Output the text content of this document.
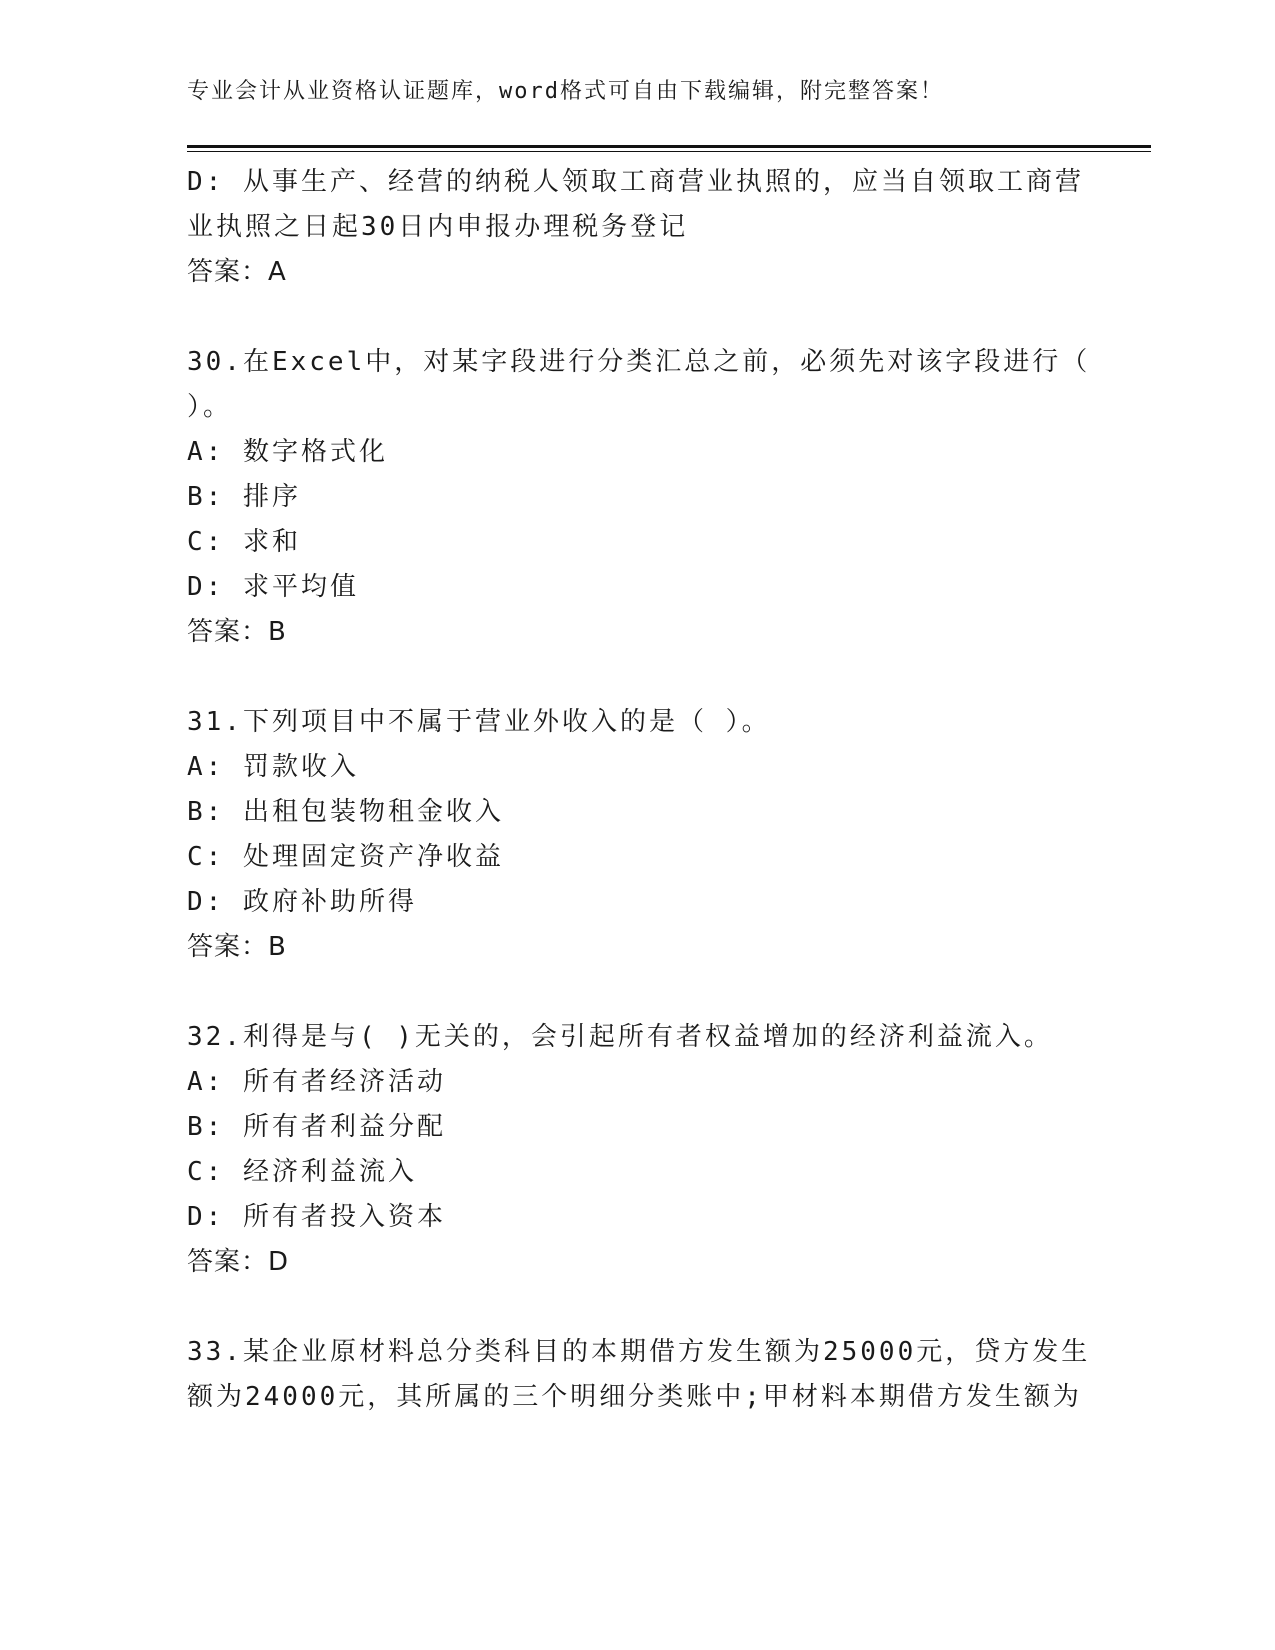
专业会计从业资格认证题库，word格式可自由下载编辑，附完整答案！
D: 从事生产、经营的纳税人领取工商营业执照的，应当自领取工商营
业执照之日起30日内申报办理税务登记
答案：A
30.在Excel中，对某字段进行分类汇总之前，必须先对该字段进行（
）。
A: 数字格式化
B: 排序
C: 求和
D: 求平均值
答案：B
31.下列项目中不属于营业外收入的是（ ）。
A: 罚款收入
B: 出租包装物租金收入
C: 处理固定资产净收益
D: 政府补助所得
答案：B
32.利得是与( )无关的，会引起所有者权益增加的经济利益流入。
A: 所有者经济活动
B: 所有者利益分配
C: 经济利益流入
D: 所有者投入资本
答案：D
33.某企业原材料总分类科目的本期借方发生额为25000元，贷方发生
额为24000元，其所属的三个明细分类账中;甲材料本期借方发生额为
